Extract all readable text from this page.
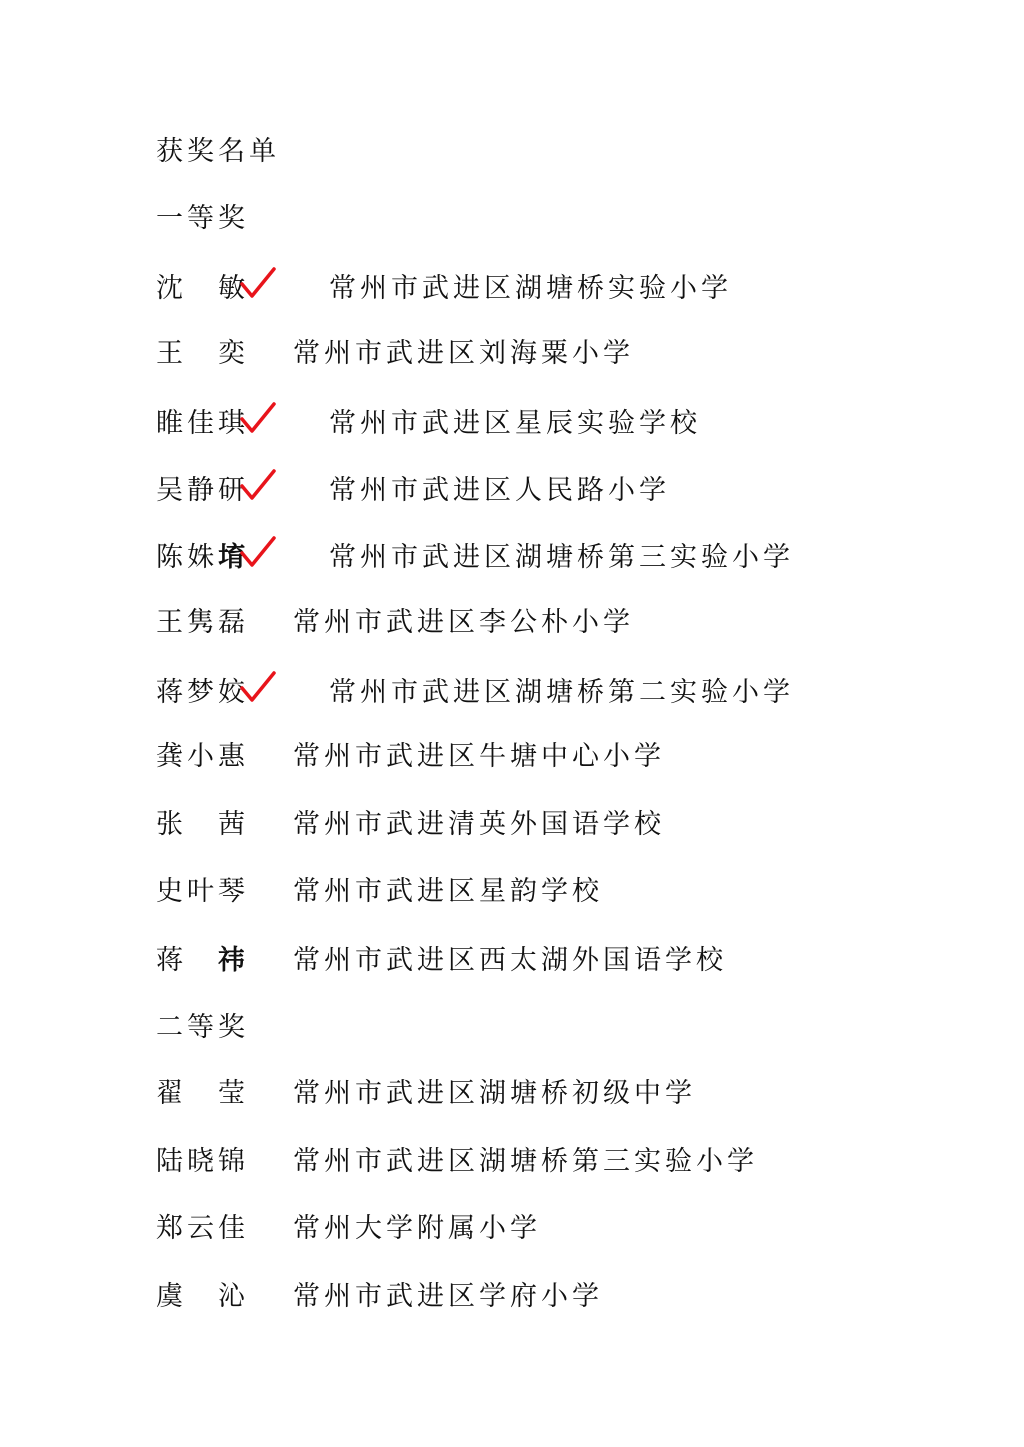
获奖名单
一等奖
沈　敏	常州市武进区湖塘桥实验小学
王　奕 常州市武进区刘海粟小学
睢佳琪	常州市武进区星辰实验学校
吴静研	常州市武进区人民路小学
陈姝堉	常州市武进区湖塘桥第三实验小学
王隽磊 常州市武进区李公朴小学
蒋梦姣	常州市武进区湖塘桥第二实验小学
龚小惠 常州市武进区牛塘中心小学
张　茜 常州市武进清英外国语学校
史叶琴 常州市武进区星韵学校
蒋　祎 常州市武进区西太湖外国语学校
二等奖
翟　莹 常州市武进区湖塘桥初级中学
陆晓锦 常州市武进区湖塘桥第三实验小学
郑云佳 常州大学附属小学
虞　沁 常州市武进区学府小学
